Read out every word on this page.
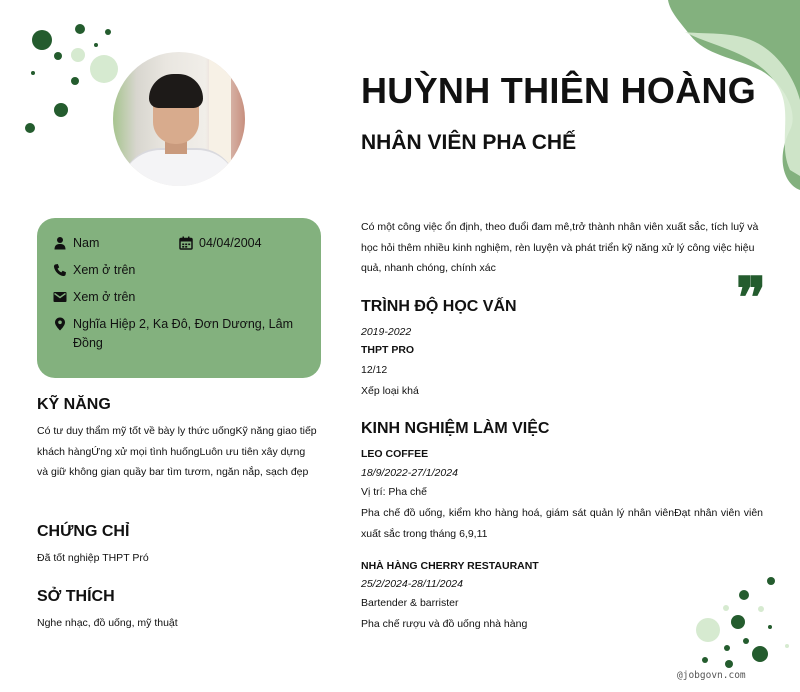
HUỲNH THIÊN HOÀNG
NHÂN VIÊN PHA CHẾ
Nam	04/04/2004
Xem ở trên
Xem ở trên
Nghĩa Hiệp 2, Ka Đô, Đơn Dương, Lâm Đồng
KỸ NĂNG
Có tư duy thẩm mỹ tốt về bày ly thức uốngKỹ năng giao tiếp khách hàngỨng xử mọi tình huốngLuôn ưu tiên xây dựng và giữ không gian quầy bar tìm tươm, ngăn nắp, sạch đẹp
CHỨNG CHỈ
Đã tốt nghiệp THPT Pró
SỞ THÍCH
Nghe nhạc, đồ uống, mỹ thuật
Có một công việc ổn định, theo đuổi đam mê,trở thành nhân viên xuất sắc, tích luỹ và học hỏi thêm nhiều kinh nghiệm, rèn luyện và phát triển kỹ năng xử lý công việc hiệu quả, nhanh chóng, chính xác	❞
TRÌNH ĐỘ HỌC VẤN
2019-2022
THPT PRO
12/12
Xếp loại khá
KINH NGHIỆM LÀM VIỆC
LEO COFFEE
18/9/2022-27/1/2024
Vị trí: Pha chế
Pha chế đồ uống, kiểm kho hàng hoá, giám sát quản lý nhân viênĐạt nhân viên viên xuất sắc trong tháng 6,9,11
NHÀ HÀNG CHERRY RESTAURANT
25/2/2024-28/11/2024
Bartender & barrister
Pha chế rượu và đồ uống nhà hàng
@jobgovn.com
